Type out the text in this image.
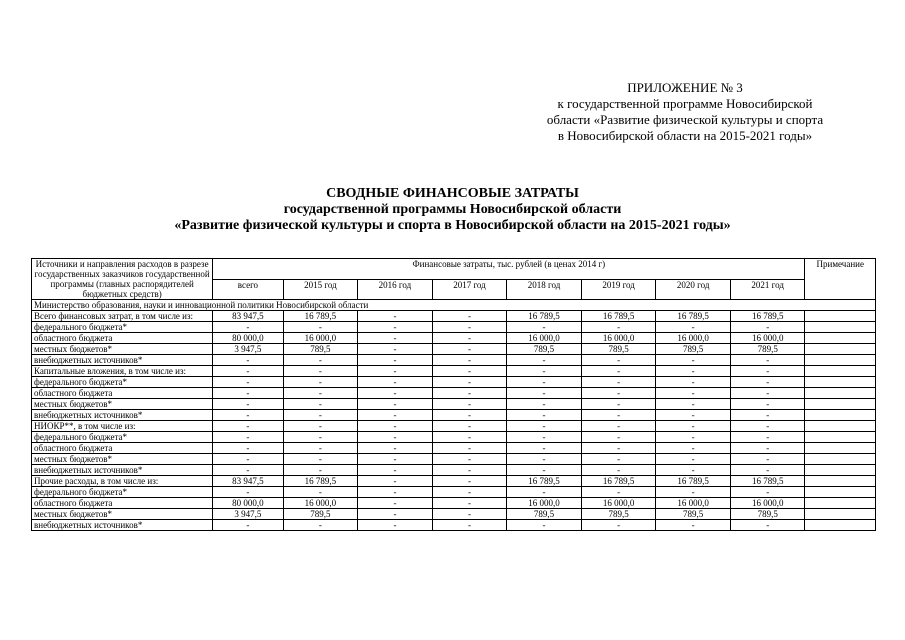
ПРИЛОЖЕНИЕ № 3
к государственной программе Новосибирской
области «Развитие физической культуры и спорта
в Новосибирской области на 2015-2021 годы»
СВОДНЫЕ ФИНАНСОВЫЕ ЗАТРАТЫ
государственной программы Новосибирской области
«Развитие физической культуры и спорта в Новосибирской области на 2015-2021 годы»
Источники и направления расходов в разрезе государственных заказчиков государственной программы (главных распорядителей бюджетных средств)	Финансовые затраты, тыс. рублей (в ценах 2014 г)								Примечание
	всего	2015 год	2016 год	2017 год	2018 год	2019 год	2020 год	2021 год	
Министерство образования, науки и инновационной политики Новосибирской области									
Всего финансовых затрат, в том числе из:	83 947,5	16 789,5	-	-	16 789,5	16 789,5	16 789,5	16 789,5	
федерального бюджета*	-	-	-	-	-	-	-	-	
областного бюджета	80 000,0	16 000,0	-	-	16 000,0	16 000,0	16 000,0	16 000,0	
местных бюджетов*	3 947,5	789,5	-	-	789,5	789,5	789,5	789,5	
внебюджетных источников*	-	-	-	-	-	-	-	-	
Капитальные вложения, в том числе из:	-	-	-	-	-	-	-	-	
федерального бюджета*	-	-	-	-	-	-	-	-	
областного бюджета	-	-	-	-	-	-	-	-	
местных бюджетов*	-	-	-	-	-	-	-	-	
внебюджетных источников*	-	-	-	-	-	-	-	-	
НИОКР**, в том числе из:	-	-	-	-	-	-	-	-	
федерального бюджета*	-	-	-	-	-	-	-	-	
областного бюджета	-	-	-	-	-	-	-	-	
местных бюджетов*	-	-	-	-	-	-	-	-	
внебюджетных источников*	-	-	-	-	-	-	-	-	
Прочие расходы, в том числе из:	83 947,5	16 789,5	-	-	16 789,5	16 789,5	16 789,5	16 789,5	
федерального бюджета*	-	-	-	-	-	-	-	-	
областного бюджета	80 000,0	16 000,0	-	-	16 000,0	16 000,0	16 000,0	16 000,0	
местных бюджетов*	3 947,5	789,5	-	-	789,5	789,5	789,5	789,5	
внебюджетных источников*	-	-	-	-	-	-	-	-	
